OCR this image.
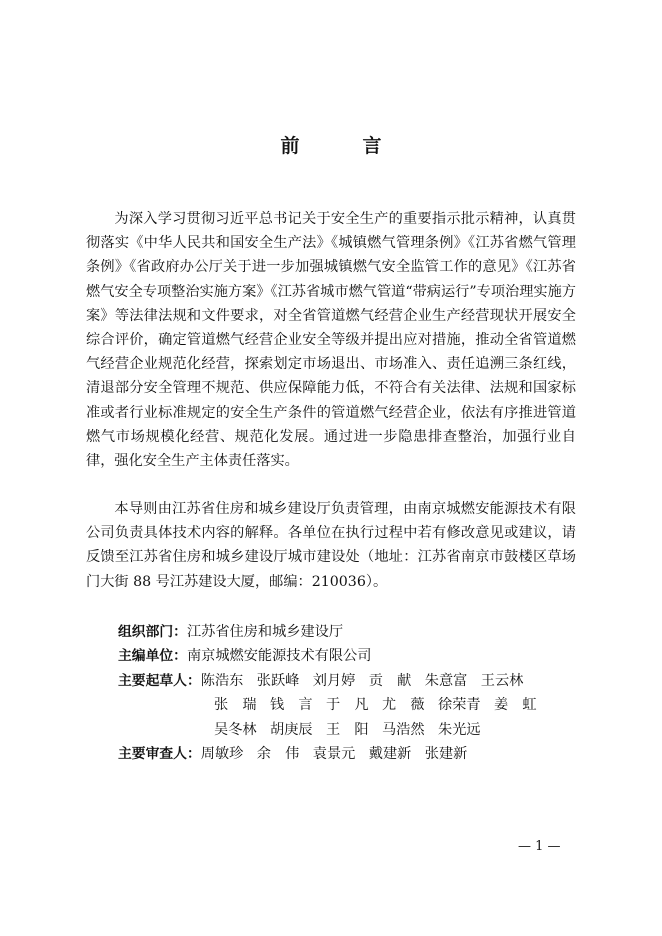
前　言

为深入学习贯彻习近平总书记关于安全生产的重要指示批示精神，认真贯彻落实《中华人民共和国安全生产法》《城镇燃气管理条例》《江苏省燃气管理条例》《省政府办公厅关于进一步加强城镇燃气安全监管工作的意见》《江苏省燃气安全专项整治实施方案》《江苏省城市燃气管道“带病运行”专项治理实施方案》等法律法规和文件要求，对全省管道燃气经营企业生产经营现状开展安全综合评价，确定管道燃气经营企业安全等级并提出应对措施，推动全省管道燃气经营企业规范化经营，探索划定市场退出、市场准入、责任追溯三条红线，清退部分安全管理不规范、供应保障能力低，不符合有关法律、法规和国家标准或者行业标准规定的安全生产条件的管道燃气经营企业，依法有序推进管道燃气市场规模化经营、规范化发展。通过进一步隐患排查整治，加强行业自律，强化安全生产主体责任落实。

本导则由江苏省住房和城乡建设厅负责管理，由南京城燃安能源技术有限公司负责具体技术内容的解释。各单位在执行过程中若有修改意见或建议，请反馈至江苏省住房和城乡建设厅城市建设处（地址：江苏省南京市鼓楼区草场门大街 88 号江苏建设大厦，邮编：210036）。

组织部门： 江苏省住房和城乡建设厅
主编单位： 南京城燃安能源技术有限公司
主要起草人： 陈浩东 张跃峰 刘月婷 贡　献 朱意富 王云林
张　瑞 钱　言 于　凡 尤　薇 徐荣青 姜　虹
吴冬林 胡庚辰 王　阳 马浩然 朱光远
主要审查人： 周敏珍 余　伟 袁景元 戴建新 张建新
— 1 —
